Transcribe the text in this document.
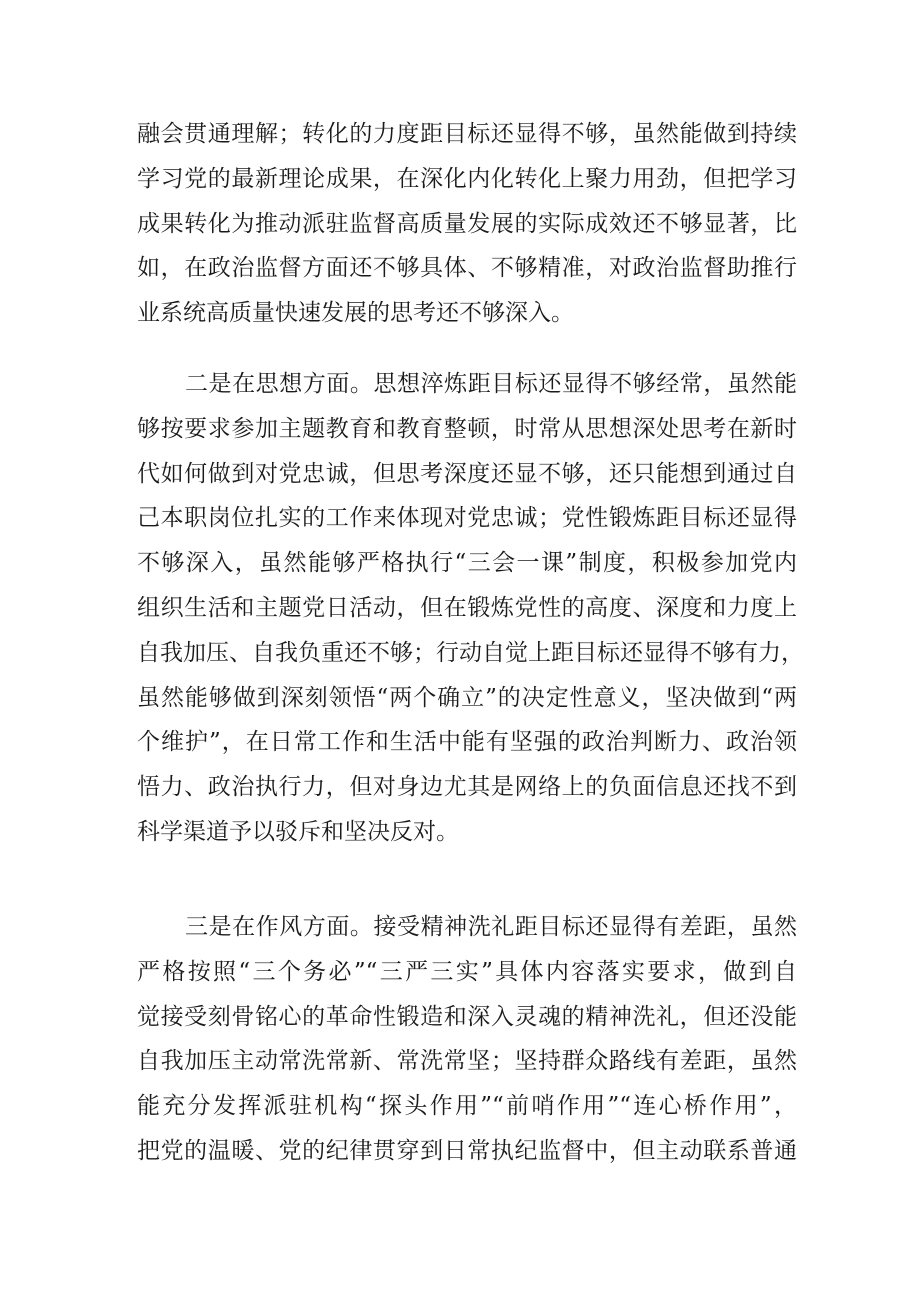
融会贯通理解；转化的力度距目标还显得不够，虽然能做到持续
学习党的最新理论成果，在深化内化转化上聚力用劲，但把学习
成果转化为推动派驻监督高质量发展的实际成效还不够显著，比
如，在政治监督方面还不够具体、不够精准，对政治监督助推行
业系统高质量快速发展的思考还不够深入。
二是在思想方面。思想淬炼距目标还显得不够经常，虽然能
够按要求参加主题教育和教育整顿，时常从思想深处思考在新时
代如何做到对党忠诚，但思考深度还显不够，还只能想到通过自
己本职岗位扎实的工作来体现对党忠诚；党性锻炼距目标还显得
不够深入，虽然能够严格执行“三会一课”制度，积极参加党内
组织生活和主题党日活动，但在锻炼党性的高度、深度和力度上
自我加压、自我负重还不够；行动自觉上距目标还显得不够有力，
虽然能够做到深刻领悟“两个确立”的决定性意义，坚决做到“两
个维护”，在日常工作和生活中能有坚强的政治判断力、政治领
悟力、政治执行力，但对身边尤其是网络上的负面信息还找不到
科学渠道予以驳斥和坚决反对。
三是在作风方面。接受精神洗礼距目标还显得有差距，虽然
严格按照“三个务必”“三严三实”具体内容落实要求，做到自
觉接受刻骨铭心的革命性锻造和深入灵魂的精神洗礼，但还没能
自我加压主动常洗常新、常洗常坚；坚持群众路线有差距，虽然
能充分发挥派驻机构“探头作用”“前哨作用”“连心桥作用”，
把党的温暖、党的纪律贯穿到日常执纪监督中，但主动联系普通
